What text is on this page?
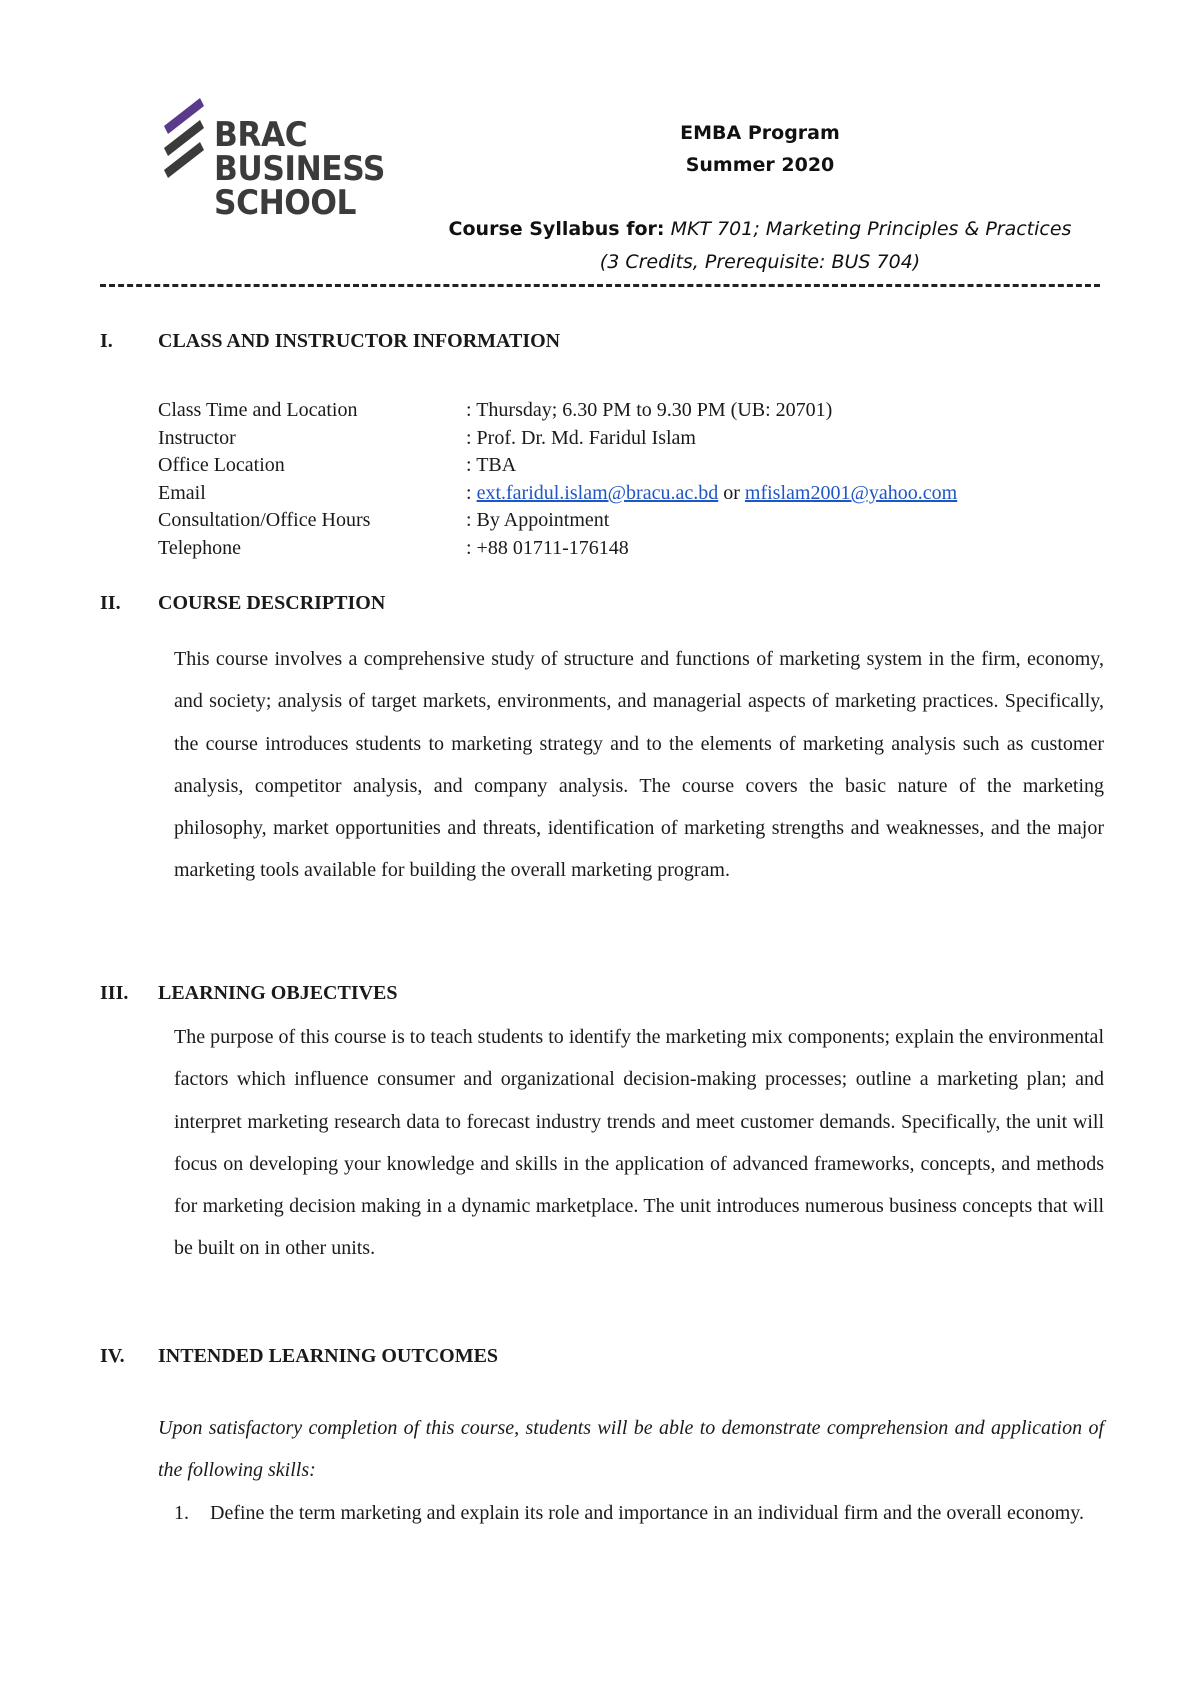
BRAC
BUSINESS
SCHOOL
EMBA Program
Summer 2020
Course Syllabus for: MKT 701; Marketing Principles & Practices
(3 Credits, Prerequisite: BUS 704)
I. CLASS AND INSTRUCTOR INFORMATION
Class Time and Location	: Thursday; 6.30 PM to 9.30 PM (UB: 20701)
Instructor	: Prof. Dr. Md. Faridul Islam
Office Location	: TBA
Email	: ext.faridul.islam@bracu.ac.bd or mfislam2001@yahoo.com
Consultation/Office Hours	: By Appointment
Telephone	: +88 01711-176148
II. COURSE DESCRIPTION
This course involves a comprehensive study of structure and functions of marketing system in the firm, economy, and society; analysis of target markets, environments, and managerial aspects of marketing practices. Specifically, the course introduces students to marketing strategy and to the elements of marketing analysis such as customer analysis, competitor analysis, and company analysis. The course covers the basic nature of the marketing philosophy, market opportunities and threats, identification of marketing strengths and weaknesses, and the major marketing tools available for building the overall marketing program.
III. LEARNING OBJECTIVES
The purpose of this course is to teach students to identify the marketing mix components; explain the environmental factors which influence consumer and organizational decision-making processes; outline a marketing plan; and interpret marketing research data to forecast industry trends and meet customer demands. Specifically, the unit will focus on developing your knowledge and skills in the application of advanced frameworks, concepts, and methods for marketing decision making in a dynamic marketplace. The unit introduces numerous business concepts that will be built on in other units.
IV. INTENDED LEARNING OUTCOMES
Upon satisfactory completion of this course, students will be able to demonstrate comprehension and application of the following skills:
1. Define the term marketing and explain its role and importance in an individual firm and the overall economy.
